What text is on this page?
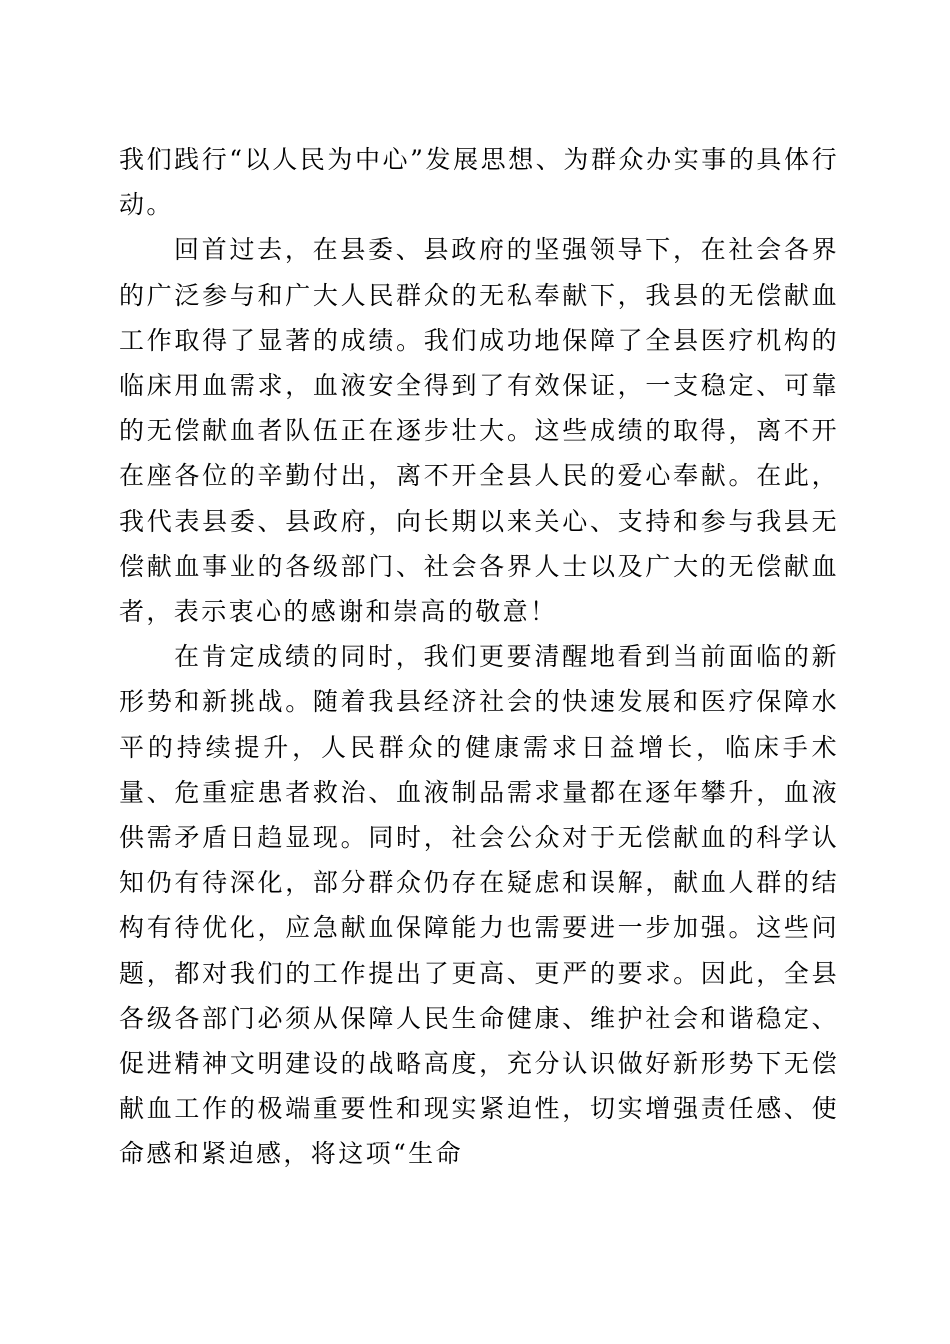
我们践行“以人民为中心”发展思想、为群众办实事的具体行动。

回首过去，在县委、县政府的坚强领导下，在社会各界的广泛参与和广大人民群众的无私奉献下，我县的无偿献血工作取得了显著的成绩。我们成功地保障了全县医疗机构的临床用血需求，血液安全得到了有效保证，一支稳定、可靠的无偿献血者队伍正在逐步壮大。这些成绩的取得，离不开在座各位的辛勤付出，离不开全县人民的爱心奉献。在此，我代表县委、县政府，向长期以来关心、支持和参与我县无偿献血事业的各级部门、社会各界人士以及广大的无偿献血者，表示衷心的感谢和崇高的敬意！

在肯定成绩的同时，我们更要清醒地看到当前面临的新形势和新挑战。随着我县经济社会的快速发展和医疗保障水平的持续提升，人民群众的健康需求日益增长，临床手术量、危重症患者救治、血液制品需求量都在逐年攀升，血液供需矛盾日趋显现。同时，社会公众对于无偿献血的科学认知仍有待深化，部分群众仍存在疑虑和误解，献血人群的结构有待优化，应急献血保障能力也需要进一步加强。这些问题，都对我们的工作提出了更高、更严的要求。因此，全县各级各部门必须从保障人民生命健康、维护社会和谐稳定、促进精神文明建设的战略高度，充分认识做好新形势下无偿献血工作的极端重要性和现实紧迫性，切实增强责任感、使命感和紧迫感，将这项“生命
